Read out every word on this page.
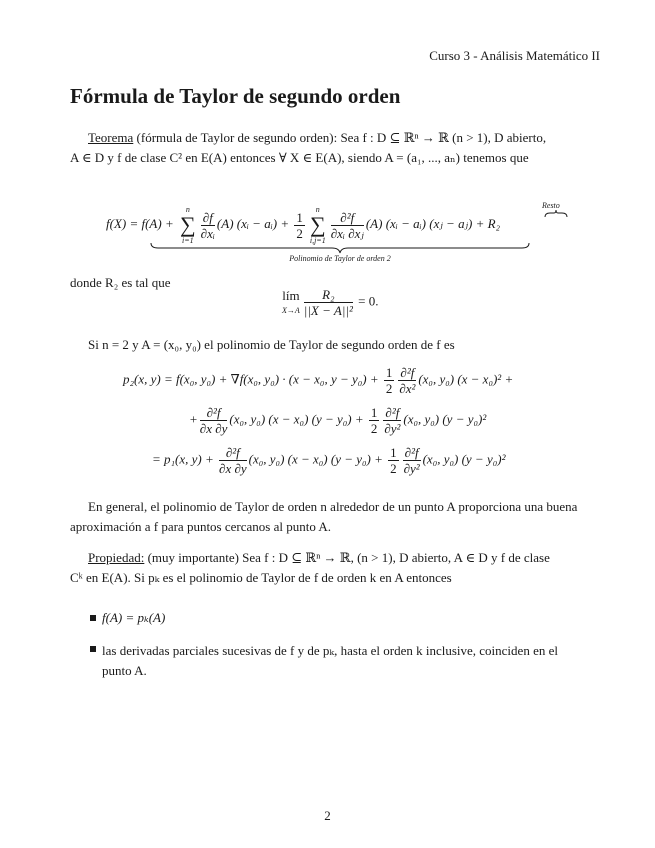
Curso 3 - Análisis Matemático II
Fórmula de Taylor de segundo orden
Teorema (fórmula de Taylor de segundo orden): Sea f : D ⊆ ℝⁿ → ℝ (n > 1), D abierto,
A ∈ D y f de clase C² en E(A) entonces ∀ X ∈ E(A), siendo A = (a₁, ..., aₙ) tenemos que
f(X) = f(A) +
n
∑
$i=1 \frac{\partial f}{\text{∂xᵢ}} (A)$ (xᵢ − aᵢ) + $\frac{1}{2}$	n
∑
$i,j=1 \frac{\text{∂²f}}{\text{∂xᵢ ∂xⱼ}} (A)$ (xᵢ − aᵢ) (xⱼ − aⱼ) + R₂
Resto
Polinomio de Taylor de orden 2
donde R₂ es tal que
lím
$X\to A \frac{\text{R₂}}{\text{||X − A||²}} = 0$.
Si n = 2 y A = (x₀, y₀) el polinomio de Taylor de segundo orden de f es
p₂(x, y) = f(x₀, y₀) + ∇f(x₀, y₀) · (x − x₀, $y - y_0) + \frac{1}{2} \frac{\text{∂²f}}{\text{∂x²}} (x_0$, y₀) (x − x₀)² +
+ $\frac{\text{∂²f}}{\partial x \partial y} (x_0$, y₀) (x − x₀) $(y - y_0) + \frac{1}{2} \frac{\text{∂²f}}{\text{∂y²}} (x_0$, y₀) (y − y₀)²
= p₁(x, $y) + \frac{\text{∂²f}}{\partial x \partial y} (x_0$, y₀) (x − x₀) $(y - y_0) + \frac{1}{2} \frac{\text{∂²f}}{\text{∂y²}} (x_0$, y₀) (y − y₀)²
En general, el polinomio de Taylor de orden n alrededor de un punto A proporciona una buena
aproximación a f para puntos cercanos al punto A.
Propiedad: (muy importante) Sea f : D ⊆ ℝⁿ → ℝ, (n > 1), D abierto, A ∈ D y f de clase
Cᵏ en E(A). Si pₖ es el polinomio de Taylor de f de orden k en A entonces
f(A) = pₖ(A)
las derivadas parciales sucesivas de f y de pₖ, hasta el orden k inclusive, coinciden en el
punto A.
2
